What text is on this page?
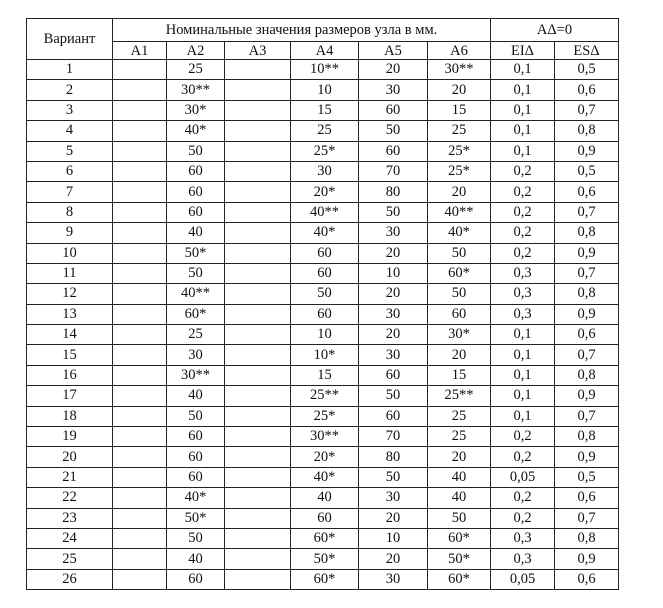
Вариант	Номинальные значения размеров узла в мм.						АΔ=0	
	А1	А2	А3	А4	А5	А6	EIΔ	ESΔ
1		25		10**	20	30**	0,1	0,5
2		30**		10	30	20	0,1	0,6
3		30*		15	60	15	0,1	0,7
4		40*		25	50	25	0,1	0,8
5		50		25*	60	25*	0,1	0,9
6		60		30	70	25*	0,2	0,5
7		60		20*	80	20	0,2	0,6
8		60		40**	50	40**	0,2	0,7
9		40		40*	30	40*	0,2	0,8
10		50*		60	20	50	0,2	0,9
11		50		60	10	60*	0,3	0,7
12		40**		50	20	50	0,3	0,8
13		60*		60	30	60	0,3	0,9
14		25		10	20	30*	0,1	0,6
15		30		10*	30	20	0,1	0,7
16		30**		15	60	15	0,1	0,8
17		40		25**	50	25**	0,1	0,9
18		50		25*	60	25	0,1	0,7
19		60		30**	70	25	0,2	0,8
20		60		20*	80	20	0,2	0,9
21		60		40*	50	40	0,05	0,5
22		40*		40	30	40	0,2	0,6
23		50*		60	20	50	0,2	0,7
24		50		60*	10	60*	0,3	0,8
25		40		50*	20	50*	0,3	0,9
26		60		60*	30	60*	0,05	0,6
